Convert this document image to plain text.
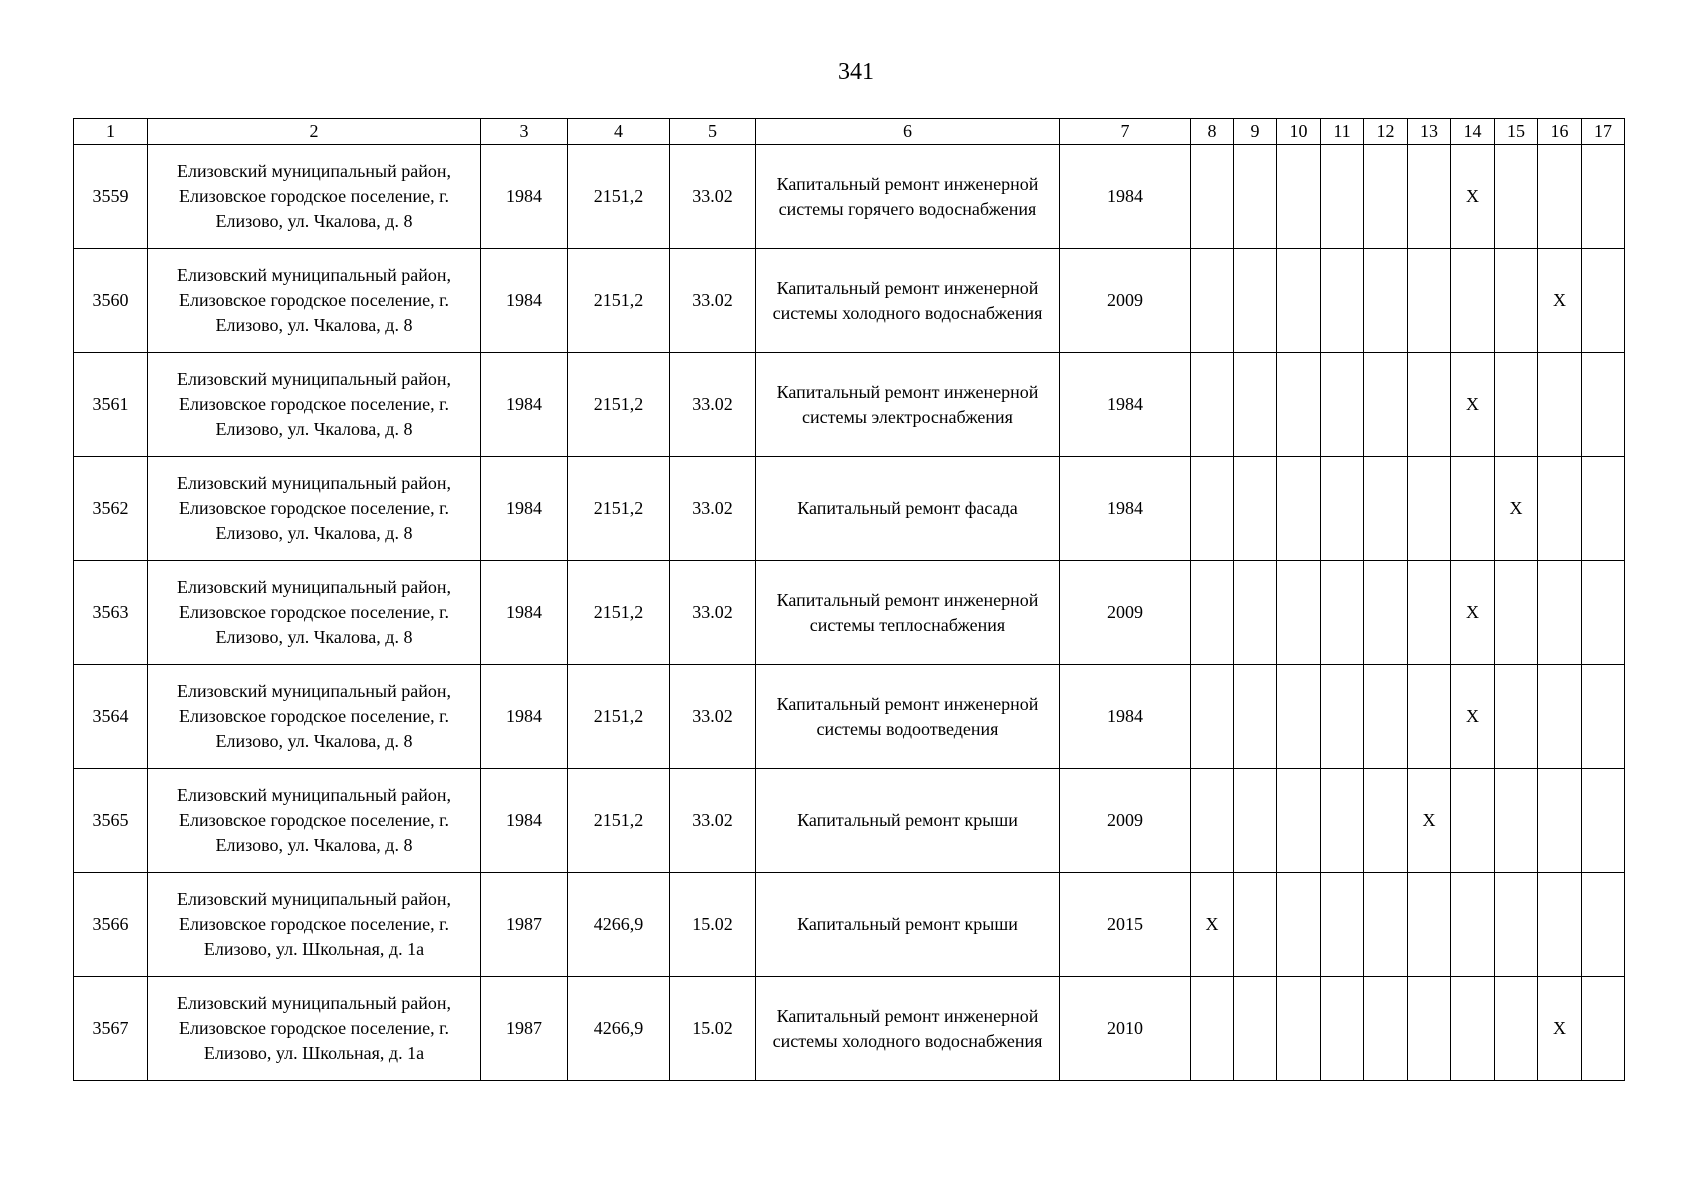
341
1	2	3	4	5	6	7	8	9	10	11	12	13	14	15	16	17
3559	Елизовский муниципальный район, Елизовское городское поселение, г. Елизово, ул. Чкалова, д. 8	1984	2151,2	33.02	Капитальный ремонт инженерной системы горячего водоснабжения	1984							X			
3560	Елизовский муниципальный район, Елизовское городское поселение, г. Елизово, ул. Чкалова, д. 8	1984	2151,2	33.02	Капитальный ремонт инженерной системы холодного водоснабжения	2009									X	
3561	Елизовский муниципальный район, Елизовское городское поселение, г. Елизово, ул. Чкалова, д. 8	1984	2151,2	33.02	Капитальный ремонт инженерной системы электроснабжения	1984							X			
3562	Елизовский муниципальный район, Елизовское городское поселение, г. Елизово, ул. Чкалова, д. 8	1984	2151,2	33.02	Капитальный ремонт фасада	1984								X		
3563	Елизовский муниципальный район, Елизовское городское поселение, г. Елизово, ул. Чкалова, д. 8	1984	2151,2	33.02	Капитальный ремонт инженерной системы теплоснабжения	2009							X			
3564	Елизовский муниципальный район, Елизовское городское поселение, г. Елизово, ул. Чкалова, д. 8	1984	2151,2	33.02	Капитальный ремонт инженерной системы водоотведения	1984							X			
3565	Елизовский муниципальный район, Елизовское городское поселение, г. Елизово, ул. Чкалова, д. 8	1984	2151,2	33.02	Капитальный ремонт крыши	2009						X				
3566	Елизовский муниципальный район, Елизовское городское поселение, г. Елизово, ул. Школьная, д. 1а	1987	4266,9	15.02	Капитальный ремонт крыши	2015	X									
3567	Елизовский муниципальный район, Елизовское городское поселение, г. Елизово, ул. Школьная, д. 1а	1987	4266,9	15.02	Капитальный ремонт инженерной системы холодного водоснабжения	2010									X	
